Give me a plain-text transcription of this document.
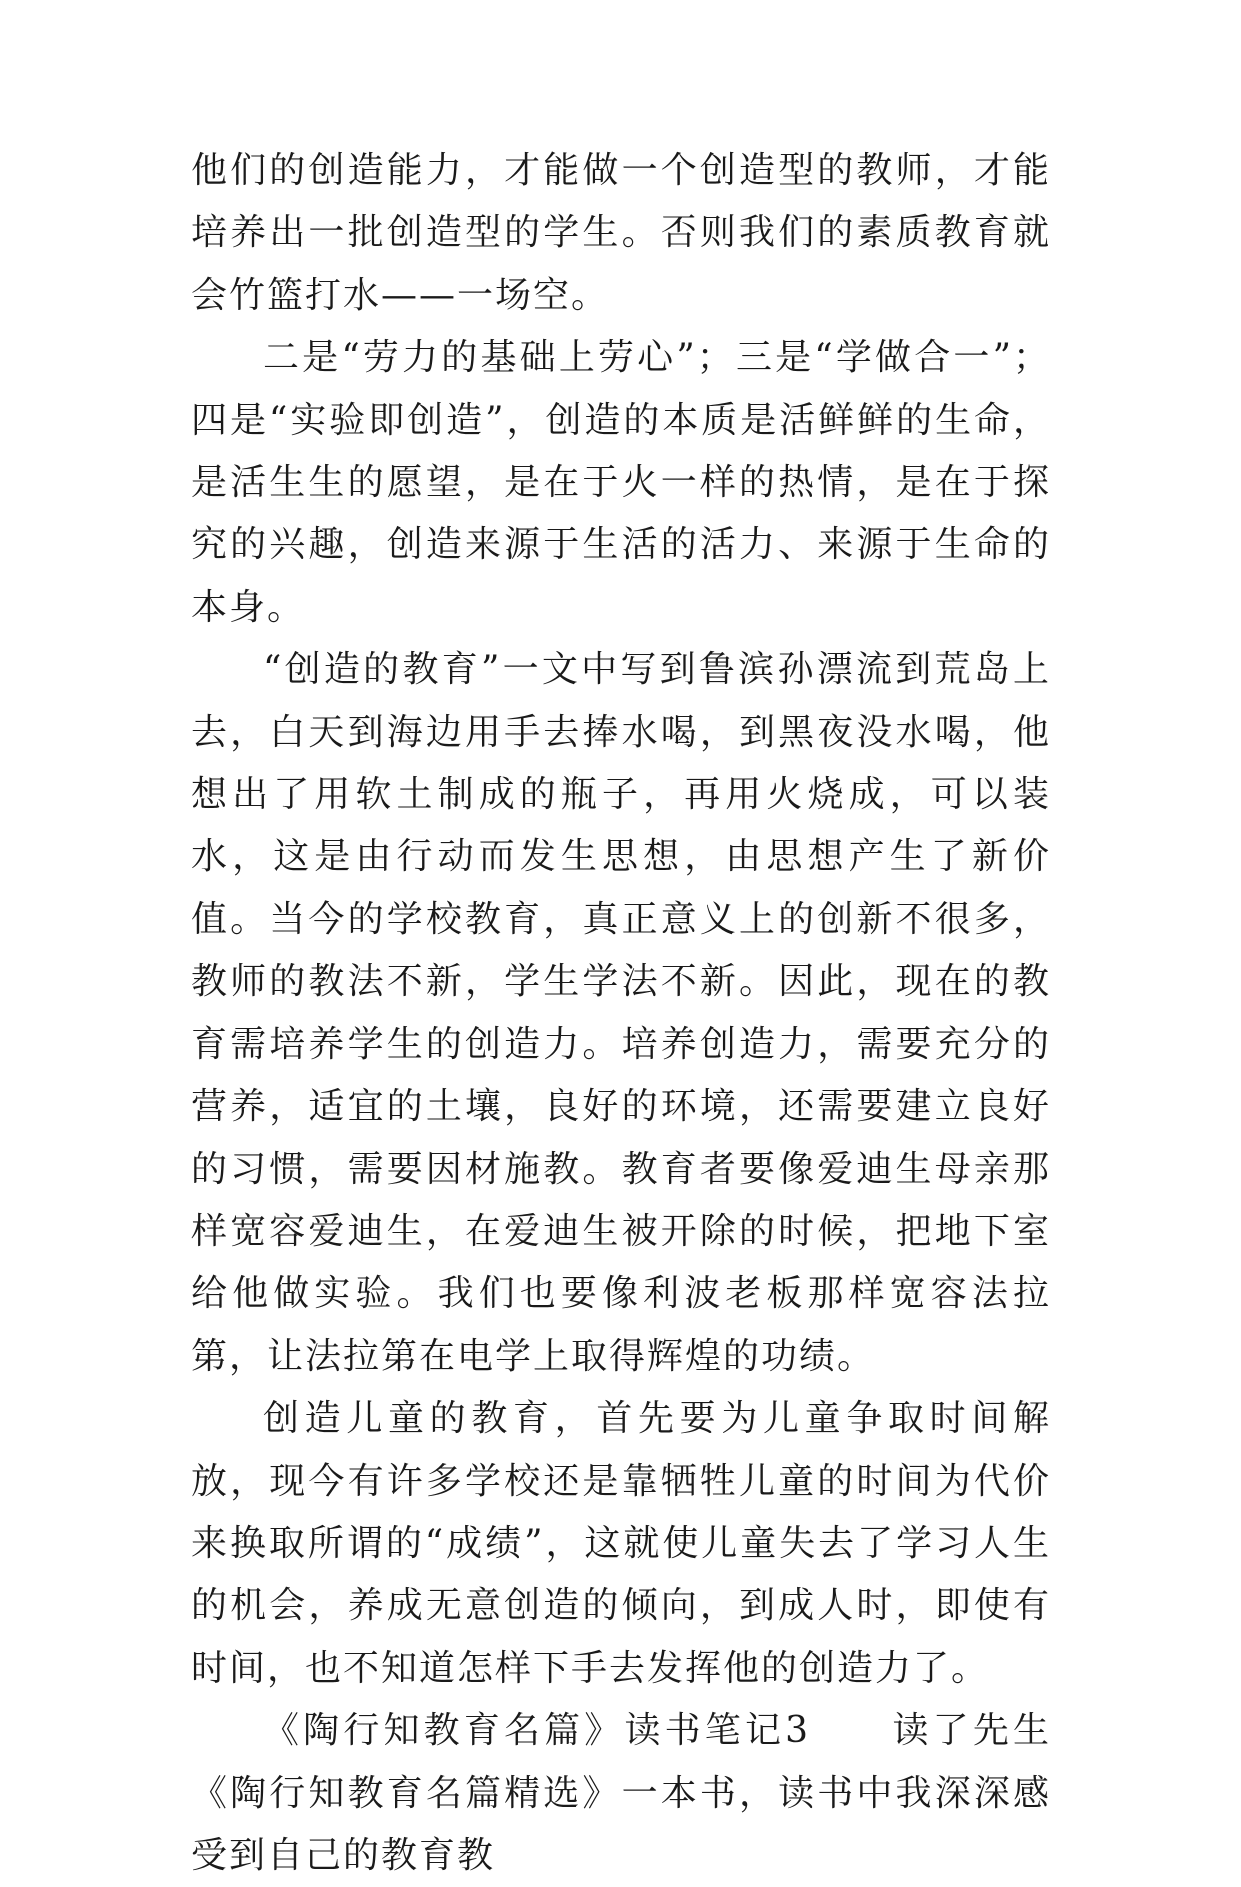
他们的创造能力，才能做一个创造型的教师，才能培养出一批创造型的学生。否则我们的素质教育就会竹篮打水——一场空。

二是“劳力的基础上劳心”；三是“学做合一”；四是“实验即创造”，创造的本质是活鲜鲜的生命，是活生生的愿望，是在于火一样的热情，是在于探究的兴趣，创造来源于生活的活力、来源于生命的本身。

“创造的教育”一文中写到鲁滨孙漂流到荒岛上去，白天到海边用手去捧水喝，到黑夜没水喝，他想出了用软土制成的瓶子，再用火烧成，可以装水，这是由行动而发生思想，由思想产生了新价值。当今的学校教育，真正意义上的创新不很多，教师的教法不新，学生学法不新。因此，现在的教育需培养学生的创造力。培养创造力，需要充分的营养，适宜的土壤，良好的环境，还需要建立良好的习惯，需要因材施教。教育者要像爱迪生母亲那样宽容爱迪生，在爱迪生被开除的时候，把地下室给他做实验。我们也要像利波老板那样宽容法拉第，让法拉第在电学上取得辉煌的功绩。

创造儿童的教育，首先要为儿童争取时间解放，现今有许多学校还是靠牺牲儿童的时间为代价来换取所谓的“成绩”，这就使儿童失去了学习人生的机会，养成无意创造的倾向，到成人时，即使有时间，也不知道怎样下手去发挥他的创造力了。

《陶行知教育名篇》读书笔记3　　读了先生《陶行知教育名篇精选》一本书，读书中我深深感受到自己的教育教
